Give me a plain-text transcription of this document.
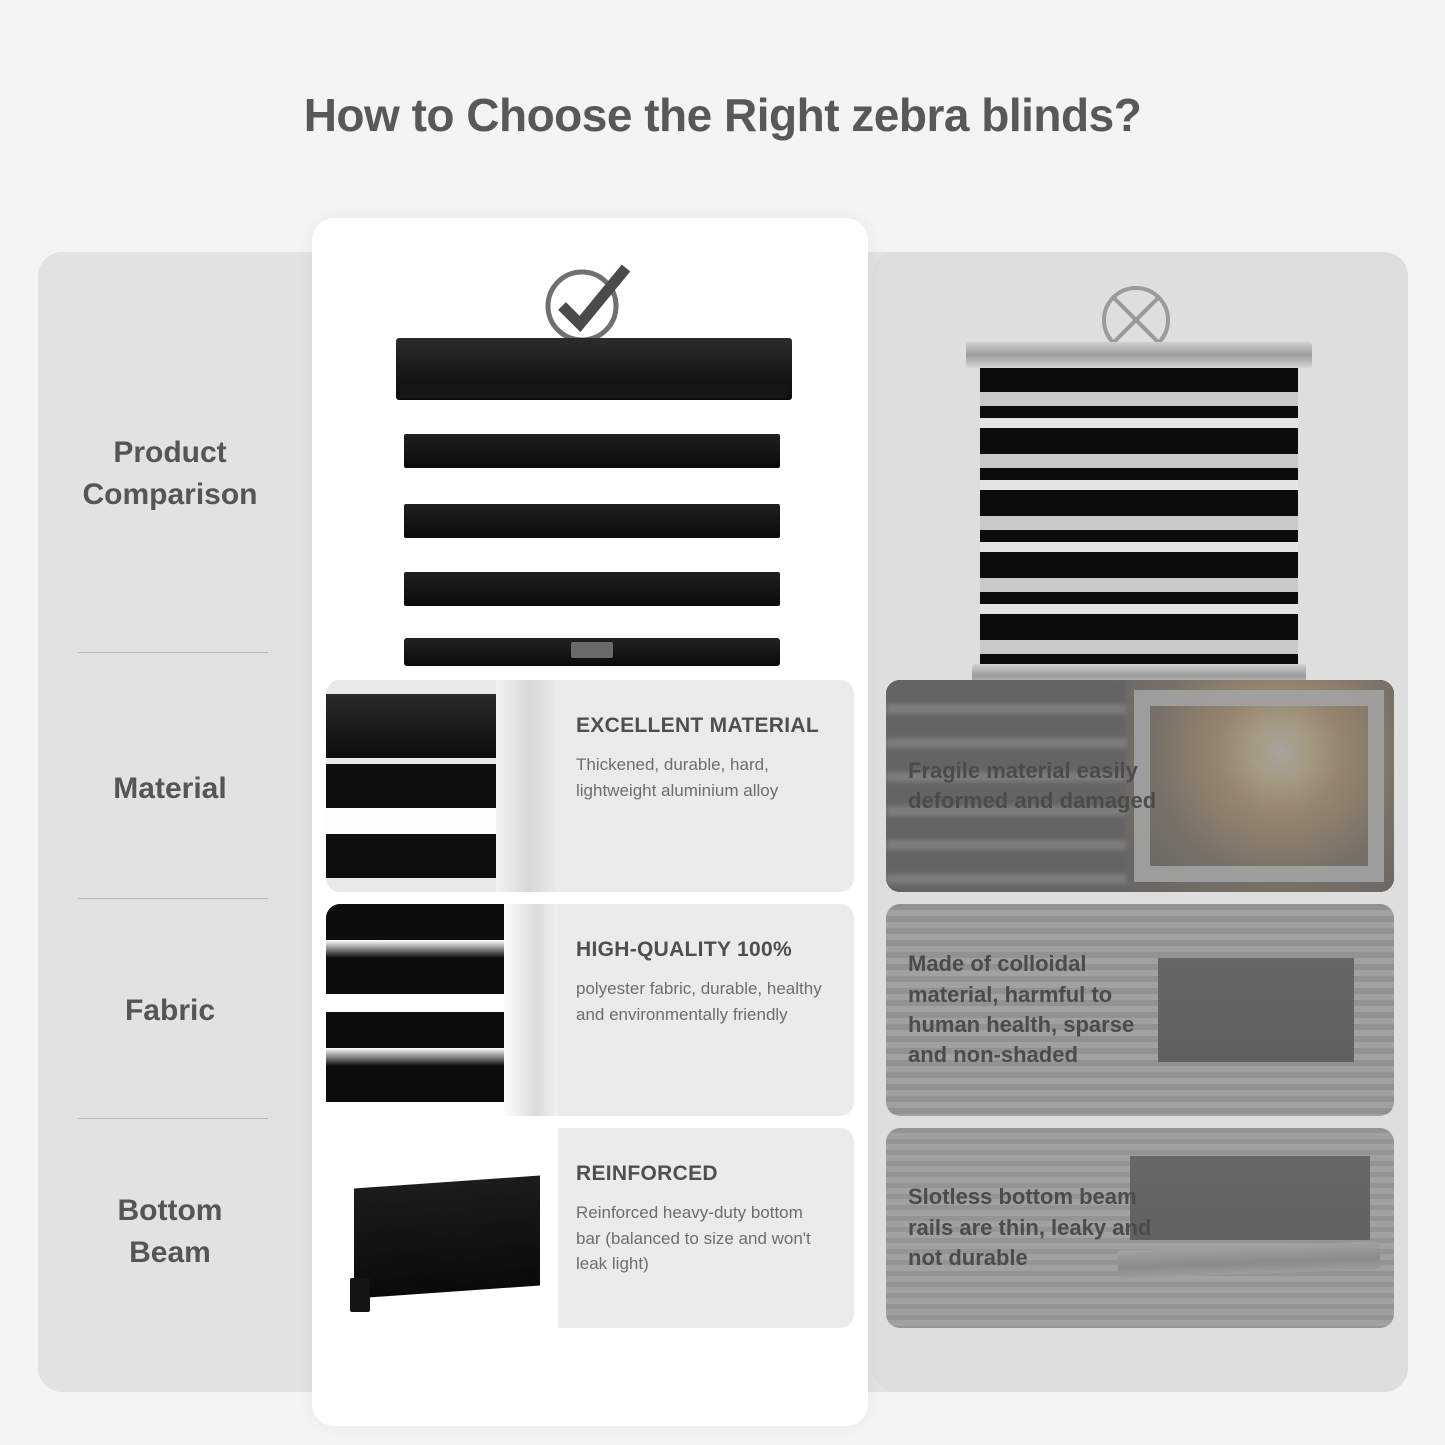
How to Choose the Right zebra blinds?
Product
Comparison
Material
Fabric
Bottom
Beam
EXCELLENT MATERIAL
Thickened, durable, hard, lightweight aluminium alloy
HIGH-QUALITY 100%
polyester fabric, durable, healthy and environmentally friendly
REINFORCED
Reinforced heavy-duty bottom bar (balanced to size and won't leak light)
Fragile material easily deformed and damaged
Made of colloidal material, harmful to human health, sparse and non-shaded
Slotless bottom beam rails are thin, leaky and not durable
